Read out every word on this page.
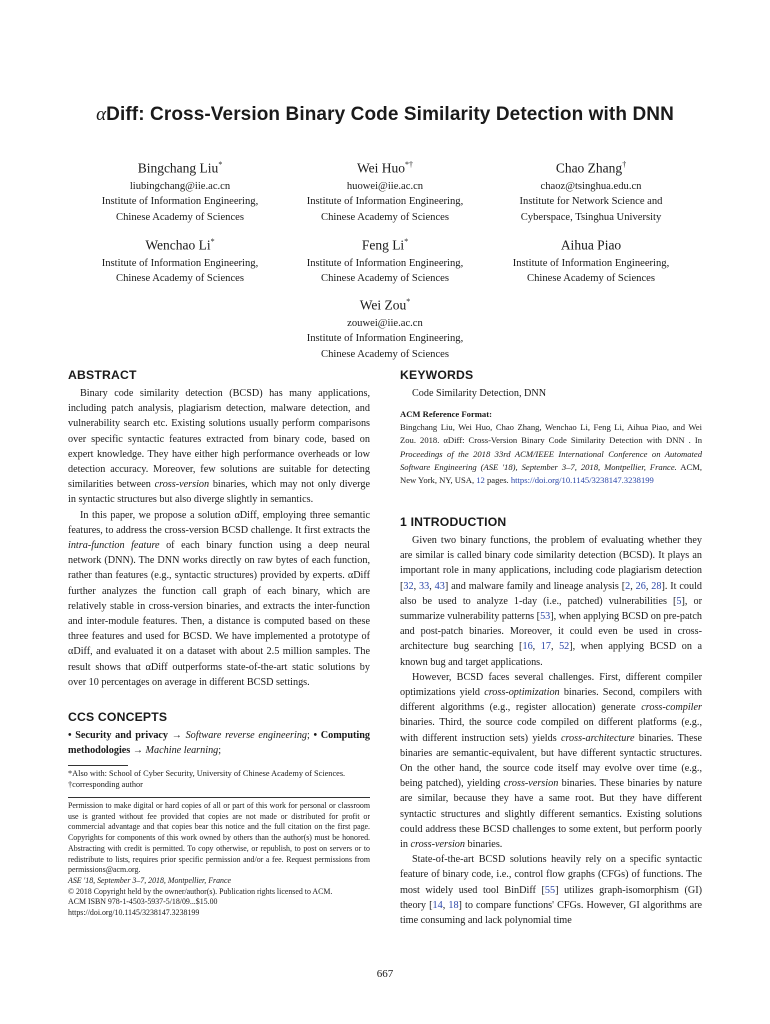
αDiff: Cross-Version Binary Code Similarity Detection with DNN
Bingchang Liu*
liubingchang@iie.ac.cn
Institute of Information Engineering,
Chinese Academy of Sciences
Wei Huo*†
huowei@iie.ac.cn
Institute of Information Engineering,
Chinese Academy of Sciences
Chao Zhang†
chaoz@tsinghua.edu.cn
Institute for Network Science and
Cyberspace, Tsinghua University
Wenchao Li*
Institute of Information Engineering,
Chinese Academy of Sciences
Feng Li*
Institute of Information Engineering,
Chinese Academy of Sciences
Aihua Piao
Institute of Information Engineering,
Chinese Academy of Sciences
Wei Zou*
zouwei@iie.ac.cn
Institute of Information Engineering,
Chinese Academy of Sciences
ABSTRACT

Binary code similarity detection (BCSD) has many applications, including patch analysis, plagiarism detection, malware detection, and vulnerability search etc. Existing solutions usually perform comparisons over specific syntactic features extracted from binary code, based on expert knowledge. They have either high performance overheads or low detection accuracy. Moreover, few solutions are suitable for detecting similarities between cross-version binaries, which may not only diverge in syntactic structures but also diverge slightly in semantics.

In this paper, we propose a solution αDiff, employing three semantic features, to address the cross-version BCSD challenge. It first extracts the intra-function feature of each binary function using a deep neural network (DNN). The DNN works directly on raw bytes of each function, rather than features (e.g., syntactic structures) provided by experts. αDiff further analyzes the function call graph of each binary, which are relatively stable in cross-version binaries, and extracts the inter-function and inter-module features. Then, a distance is computed based on these three features and used for BCSD. We have implemented a prototype of αDiff, and evaluated it on a dataset with about 2.5 million samples. The result shows that αDiff outperforms state-of-the-art static solutions by over 10 percentages on average in different BCSD settings.

CCS CONCEPTS

• Security and privacy → Software reverse engineering; • Computing methodologies → Machine learning;

*Also with: School of Cyber Security, University of Chinese Academy of Sciences.

†corresponding author

Permission to make digital or hard copies of all or part of this work for personal or classroom use is granted without fee provided that copies are not made or distributed for profit or commercial advantage and that copies bear this notice and the full citation on the first page. Copyrights for components of this work owned by others than the author(s) must be honored. Abstracting with credit is permitted. To copy otherwise, or republish, to post on servers or to redistribute to lists, requires prior specific permission and/or a fee. Request permissions from permissions@acm.org.

ASE '18, September 3–7, 2018, Montpellier, France

© 2018 Copyright held by the owner/author(s). Publication rights licensed to ACM.

ACM ISBN 978-1-4503-5937-5/18/09...$15.00

https://doi.org/10.1145/3238147.3238199

KEYWORDS
Code Similarity Detection, DNN

ACM Reference Format:

Bingchang Liu, Wei Huo, Chao Zhang, Wenchao Li, Feng Li, Aihua Piao, and Wei Zou. 2018. αDiff: Cross-Version Binary Code Similarity Detection with DNN . In Proceedings of the 2018 33rd ACM/IEEE International Conference on Automated Software Engineering (ASE '18), September 3–7, 2018, Montpellier, France. ACM, New York, NY, USA, 12 pages. https://doi.org/10.1145/3238147.3238199

1 INTRODUCTION

Given two binary functions, the problem of evaluating whether they are similar is called binary code similarity detection (BCSD). It plays an important role in many applications, including code plagiarism detection [32, 33, 43] and malware family and lineage analysis [2, 26, 28]. It could also be used to analyze 1-day (i.e., patched) vulnerabilities [5], or summarize vulnerability patterns [53], when applying BCSD on pre-patch and post-patch binaries. Moreover, it could even be used in cross-architecture bug searching [16, 17, 52], when applying BCSD on a known bug and target applications.

However, BCSD faces several challenges. First, different compiler optimizations yield cross-optimization binaries. Second, compilers with different algorithms (e.g., register allocation) generate cross-compiler binaries. Third, the source code compiled on different platforms (e.g., with different instruction sets) yields cross-architecture binaries. These binaries are semantic-equivalent, but have different syntactic structures. On the other hand, the source code itself may evolve over time (e.g., being patched), yielding cross-version binaries. These binaries by nature are similar, because they have a same root. But they have different syntactic structures and slightly different semantics. Existing solutions could address these BCSD challenges to some extent, but perform poorly in cross-version binaries.

State-of-the-art BCSD solutions heavily rely on a specific syntactic feature of binary code, i.e., control flow graphs (CFGs) of functions. The most widely used tool BinDiff [55] utilizes graph-isomorphism (GI) theory [14, 18] to compare functions' CFGs. However, GI algorithms are time consuming and lack polynomial time

667
